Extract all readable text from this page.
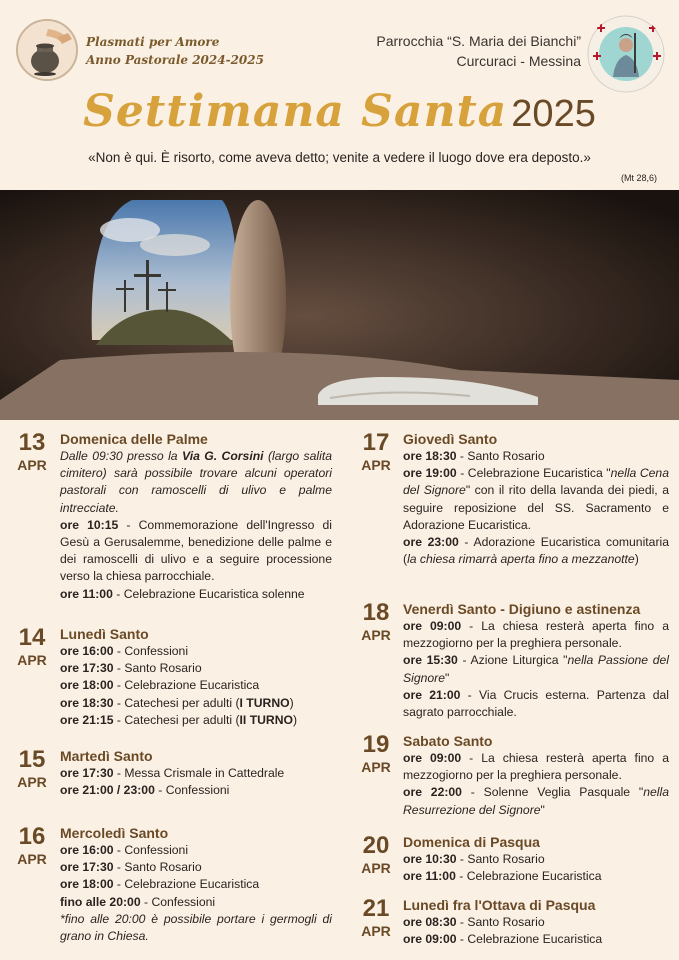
Plasmati per Amore
Anno Pastorale 2024-2025
Parrocchia “S. Maria dei Bianchi”
Curcuraci - Messina
Settimana Santa 2025
«Non è qui. È risorto, come aveva detto; venite a vedere il luogo dove era deposto.»
(Mt 28,6)
13
APR
Domenica delle Palme
Dalle 09:30 presso la Via G. Corsini (largo salita cimitero) sarà possibile trovare alcuni operatori pastorali con ramoscelli di ulivo e palme intrecciate.
ore 10:15 - Commemorazione dell'Ingresso di Gesù a Gerusalemme, benedizione delle palme e dei ramoscelli di ulivo e a seguire processione verso la chiesa parrocchiale.
ore 11:00 - Celebrazione Eucaristica solenne
14
APR
Lunedì Santo
ore 16:00 - Confessioni
ore 17:30 - Santo Rosario
ore 18:00 - Celebrazione Eucaristica
ore 18:30 - Catechesi per adulti (I TURNO)
ore 21:15 - Catechesi per adulti (II TURNO)
15
APR
Martedì Santo
ore 17:30 - Messa Crismale in Cattedrale
ore 21:00 / 23:00 - Confessioni
16
APR
Mercoledì Santo
ore 16:00 - Confessioni
ore 17:30 - Santo Rosario
ore 18:00 - Celebrazione Eucaristica
fino alle 20:00 - Confessioni
*fino alle 20:00 è possibile portare i germogli di grano in Chiesa.
17
APR
Giovedì Santo
ore 18:30 - Santo Rosario
ore 19:00 - Celebrazione Eucaristica "nella Cena del Signore" con il rito della lavanda dei piedi, a seguire reposizione del SS. Sacramento e Adorazione Eucaristica.
ore 23:00 - Adorazione Eucaristica comunitaria (la chiesa rimarrà aperta fino a mezzanotte)
18
APR
Venerdì Santo - Digiuno e astinenza
ore 09:00 - La chiesa resterà aperta fino a mezzogiorno per la preghiera personale.
ore 15:30 - Azione Liturgica "nella Passione del Signore"
ore 21:00 - Via Crucis esterna. Partenza dal sagrato parrocchiale.
19
APR
Sabato Santo
ore 09:00 - La chiesa resterà aperta fino a mezzogiorno per la preghiera personale.
ore 22:00 - Solenne Veglia Pasquale "nella Resurrezione del Signore"
20
APR
Domenica di Pasqua
ore 10:30 - Santo Rosario
ore 11:00 - Celebrazione Eucaristica
21
APR
Lunedì fra l'Ottava di Pasqua
ore 08:30 - Santo Rosario
ore 09:00 - Celebrazione Eucaristica
